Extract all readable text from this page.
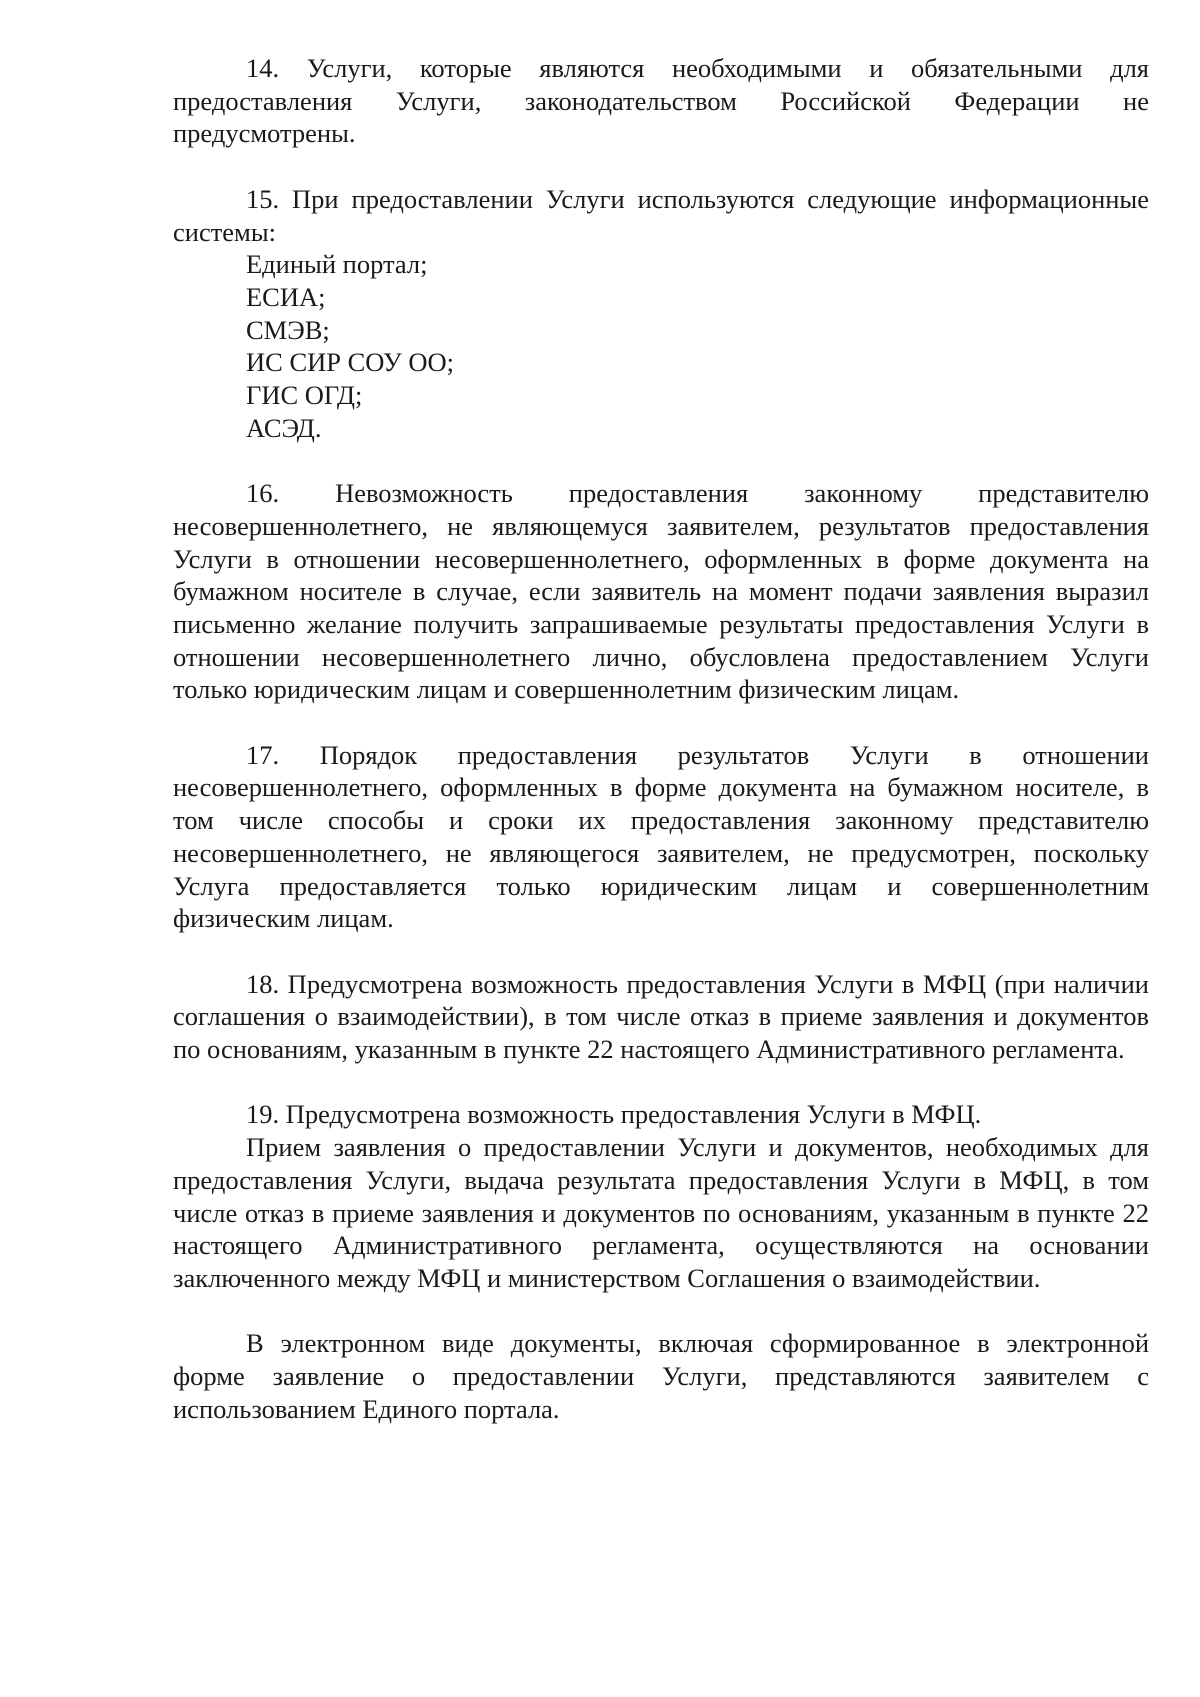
14. Услуги, которые являются необходимыми и обязательными для предоставления Услуги, законодательством Российской Федерации не предусмотрены.

15. При предоставлении Услуги используются следующие информационные системы:

Единый портал;

ЕСИА;

СМЭВ;

ИС СИР СОУ ОО;

ГИС ОГД;

АСЭД.

16. Невозможность предоставления законному представителю несовершеннолетнего, не являющемуся заявителем, результатов предоставления Услуги в отношении несовершеннолетнего, оформленных в форме документа на бумажном носителе в случае, если заявитель на момент подачи заявления выразил письменно желание получить запрашиваемые результаты предоставления Услуги в отношении несовершеннолетнего лично, обусловлена предоставлением Услуги только юридическим лицам и совершеннолетним физическим лицам.

17. Порядок предоставления результатов Услуги в отношении несовершеннолетнего, оформленных в форме документа на бумажном носителе, в том числе способы и сроки их предоставления законному представителю несовершеннолетнего, не являющегося заявителем, не предусмотрен, поскольку Услуга предоставляется только юридическим лицам и совершеннолетним физическим лицам.

18. Предусмотрена возможность предоставления Услуги в МФЦ (при наличии соглашения о взаимодействии), в том числе отказ в приеме заявления и документов по основаниям, указанным в пункте 22 настоящего Административного регламента.

19. Предусмотрена возможность предоставления Услуги в МФЦ.

Прием заявления о предоставлении Услуги и документов, необходимых для предоставления Услуги, выдача результата предоставления Услуги в МФЦ, в том числе отказ в приеме заявления и документов по основаниям, указанным в пункте 22 настоящего Административного регламента, осуществляются на основании заключенного между МФЦ и министерством Соглашения о взаимодействии.

В электронном виде документы, включая сформированное в электронной форме заявление о предоставлении Услуги, представляются заявителем с использованием Единого портала.
